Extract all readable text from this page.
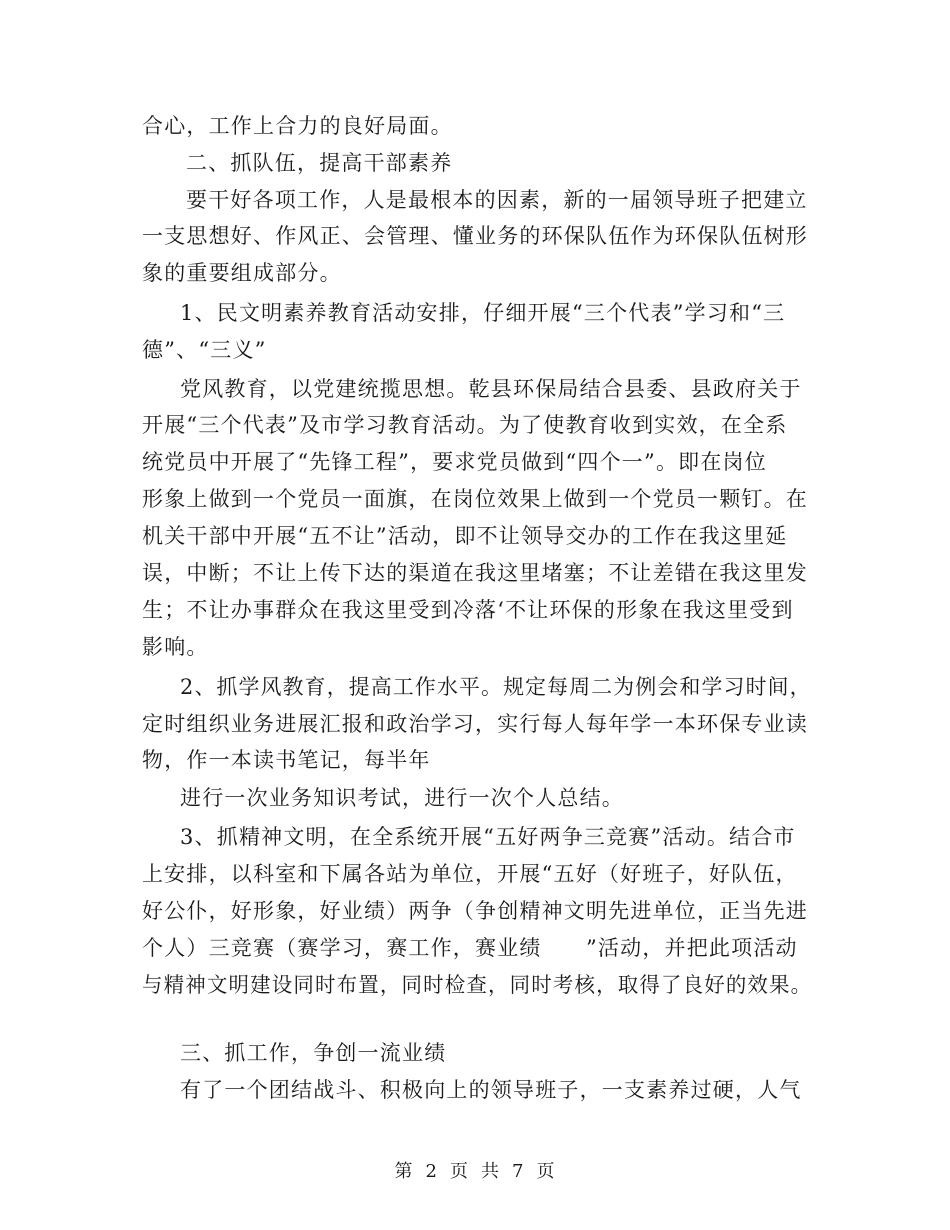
合心，工作上合力的良好局面。
二、抓队伍，提高干部素养
要干好各项工作，人是最根本的因素，新的一届领导班子把建立
一支思想好、作风正、会管理、懂业务的环保队伍作为环保队伍树形
象的重要组成部分。
1、民文明素养教育活动安排，仔细开展“三个代表”学习和“三
德”、“三义”
党风教育，以党建统揽思想。乾县环保局结合县委、县政府关于
开展“三个代表”及市学习教育活动。为了使教育收到实效，在全系
统党员中开展了“先锋工程”，要求党员做到“四个一”。即在岗位
形象上做到一个党员一面旗，在岗位效果上做到一个党员一颗钉。在
机关干部中开展“五不让”活动，即不让领导交办的工作在我这里延
误，中断；不让上传下达的渠道在我这里堵塞；不让差错在我这里发
生；不让办事群众在我这里受到冷落‘不让环保的形象在我这里受到
影响。
2、抓学风教育，提高工作水平。规定每周二为例会和学习时间，
定时组织业务进展汇报和政治学习，实行每人每年学一本环保专业读
物，作一本读书笔记，每半年
进行一次业务知识考试，进行一次个人总结。
3、抓精神文明，在全系统开展“五好两争三竞赛”活动。结合市
上安排，以科室和下属各站为单位，开展“五好（好班子，好队伍，
好公仆，好形象，好业绩）两争（争创精神文明先进单位，正当先进
个人）三竞赛（赛学习，赛工作，赛业绩　　”活动，并把此项活动
与精神文明建设同时布置，同时检查，同时考核，取得了良好的效果。
三、抓工作，争创一流业绩
有了一个团结战斗、积极向上的领导班子，一支素养过硬，人气
第 2 页 共 7 页
